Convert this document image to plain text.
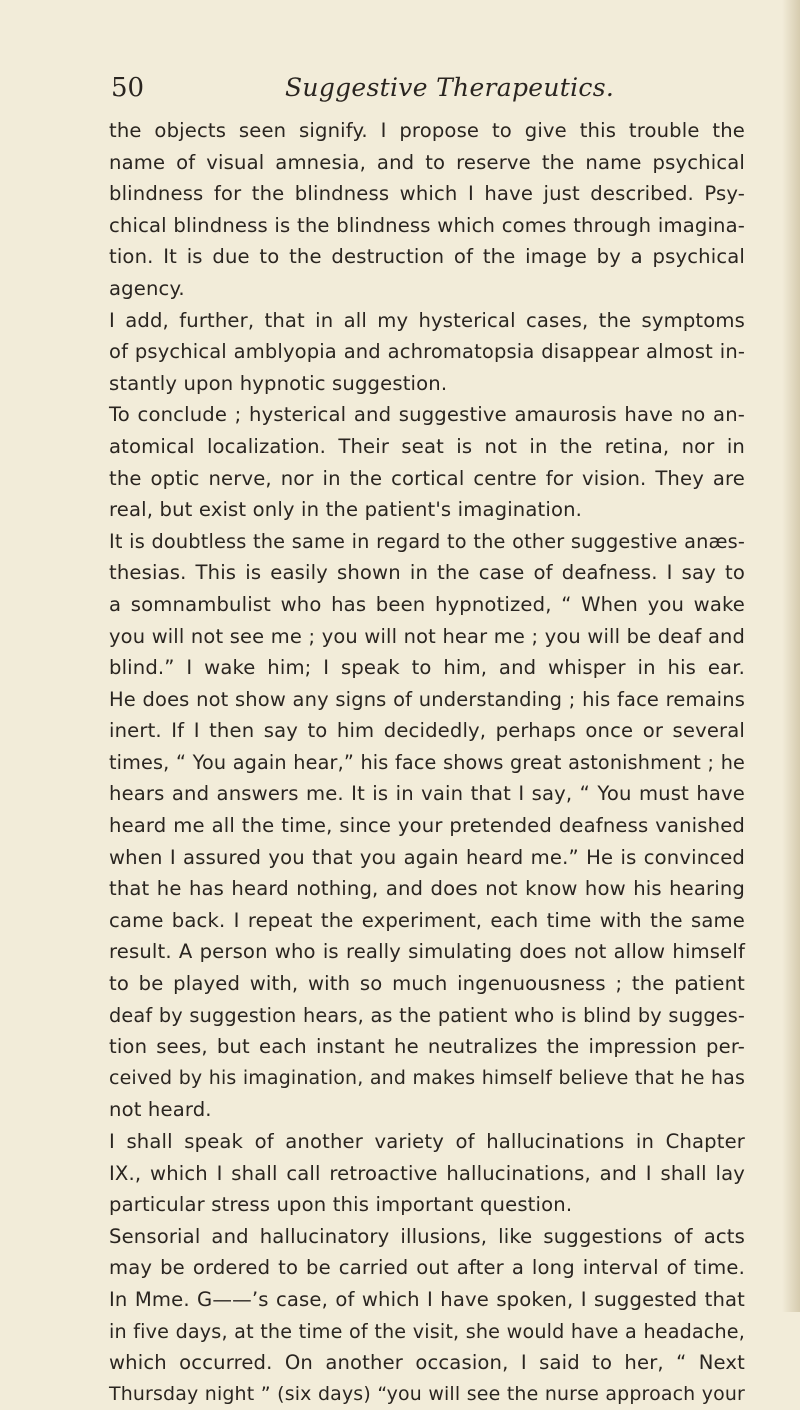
50	Suggestive Therapeutics.
the objects seen signify. I propose to give this trouble the
name of visual amnesia, and to reserve the name psychical
blindness for the blindness which I have just described. Psy-
chical blindness is the blindness which comes through imagina-
tion. It is due to the destruction of the image by a psychical
agency.
I add, further, that in all my hysterical cases, the symptoms
of psychical amblyopia and achromatopsia disappear almost in-
stantly upon hypnotic suggestion.
To conclude ; hysterical and suggestive amaurosis have no an-
atomical localization. Their seat is not in the retina, nor in
the optic nerve, nor in the cortical centre for vision. They are
real, but exist only in the patient's imagination.
It is doubtless the same in regard to the other suggestive anæs-
thesias. This is easily shown in the case of deafness. I say to
a somnambulist who has been hypnotized, “ When you wake
you will not see me ; you will not hear me ; you will be deaf and
blind.” I wake him; I speak to him, and whisper in his ear.
He does not show any signs of understanding ; his face remains
inert. If I then say to him decidedly, perhaps once or several
times, “ You again hear,” his face shows great astonishment ; he
hears and answers me. It is in vain that I say, “ You must have
heard me all the time, since your pretended deafness vanished
when I assured you that you again heard me.” He is convinced
that he has heard nothing, and does not know how his hearing
came back. I repeat the experiment, each time with the same
result. A person who is really simulating does not allow himself
to be played with, with so much ingenuousness ; the patient
deaf by suggestion hears, as the patient who is blind by sugges-
tion sees, but each instant he neutralizes the impression per-
ceived by his imagination, and makes himself believe that he has
not heard.
I shall speak of another variety of hallucinations in Chapter
IX., which I shall call retroactive hallucinations, and I shall lay
particular stress upon this important question.
Sensorial and hallucinatory illusions, like suggestions of acts
may be ordered to be carried out after a long interval of time.
In Mme. G——’s case, of which I have spoken, I suggested that
in five days, at the time of the visit, she would have a headache,
which occurred. On another occasion, I said to her, “ Next
Thursday night ” (six days) “you will see the nurse approach your
